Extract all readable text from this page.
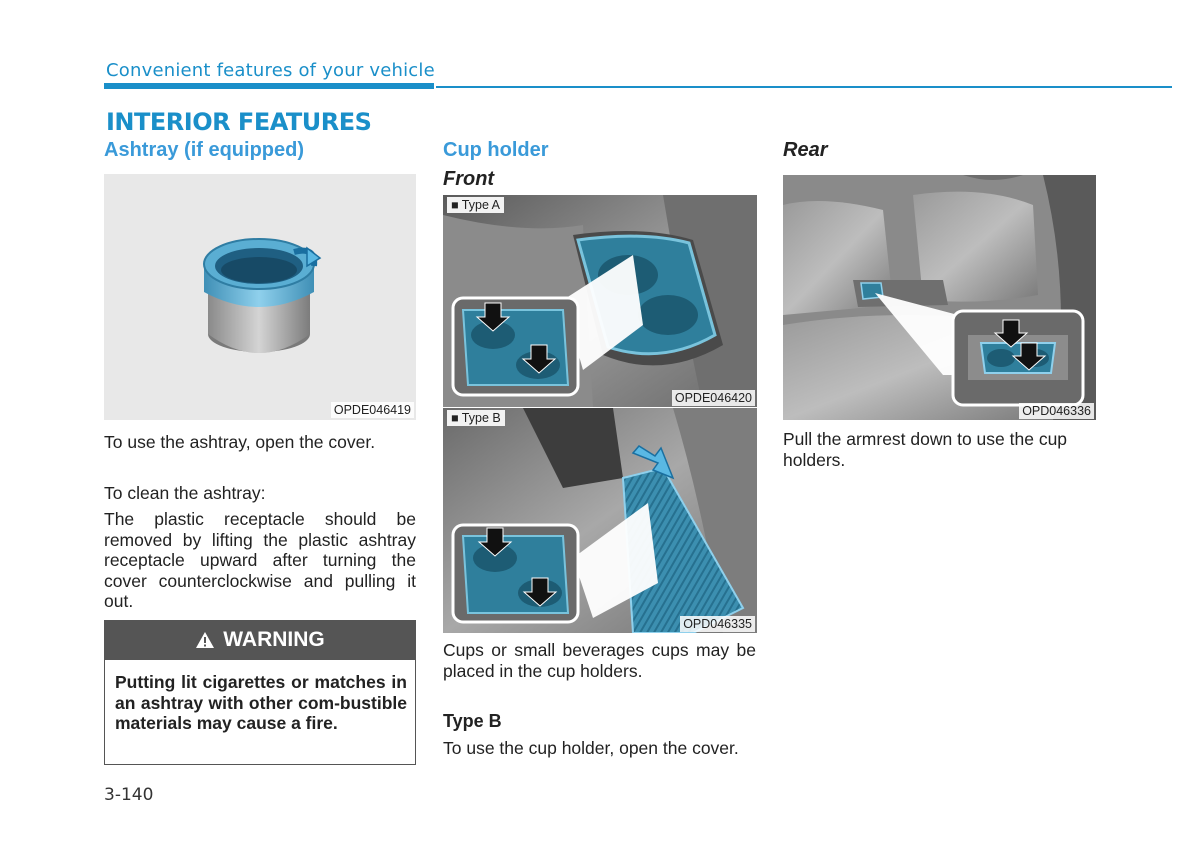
Convenient features of your vehicle
INTERIOR FEATURES
Ashtray (if equipped)
OPDE046419
To use the ashtray, open the cover.
To clean the ashtray:
The plastic receptacle should be removed by lifting the plastic ashtray receptacle upward after turning the cover counterclockwise and pulling it out.
WARNING
Putting lit cigarettes or matches in an ashtray with other com-bustible materials may cause a fire.
3-140
Cup holder
Front
■ Type A
OPDE046420
■ Type B
OPD046335
Cups or small beverages cups may be placed in the cup holders.
Type B
To use the cup holder, open the cover.
Rear
OPD046336
Pull the armrest down to use the cup holders.
